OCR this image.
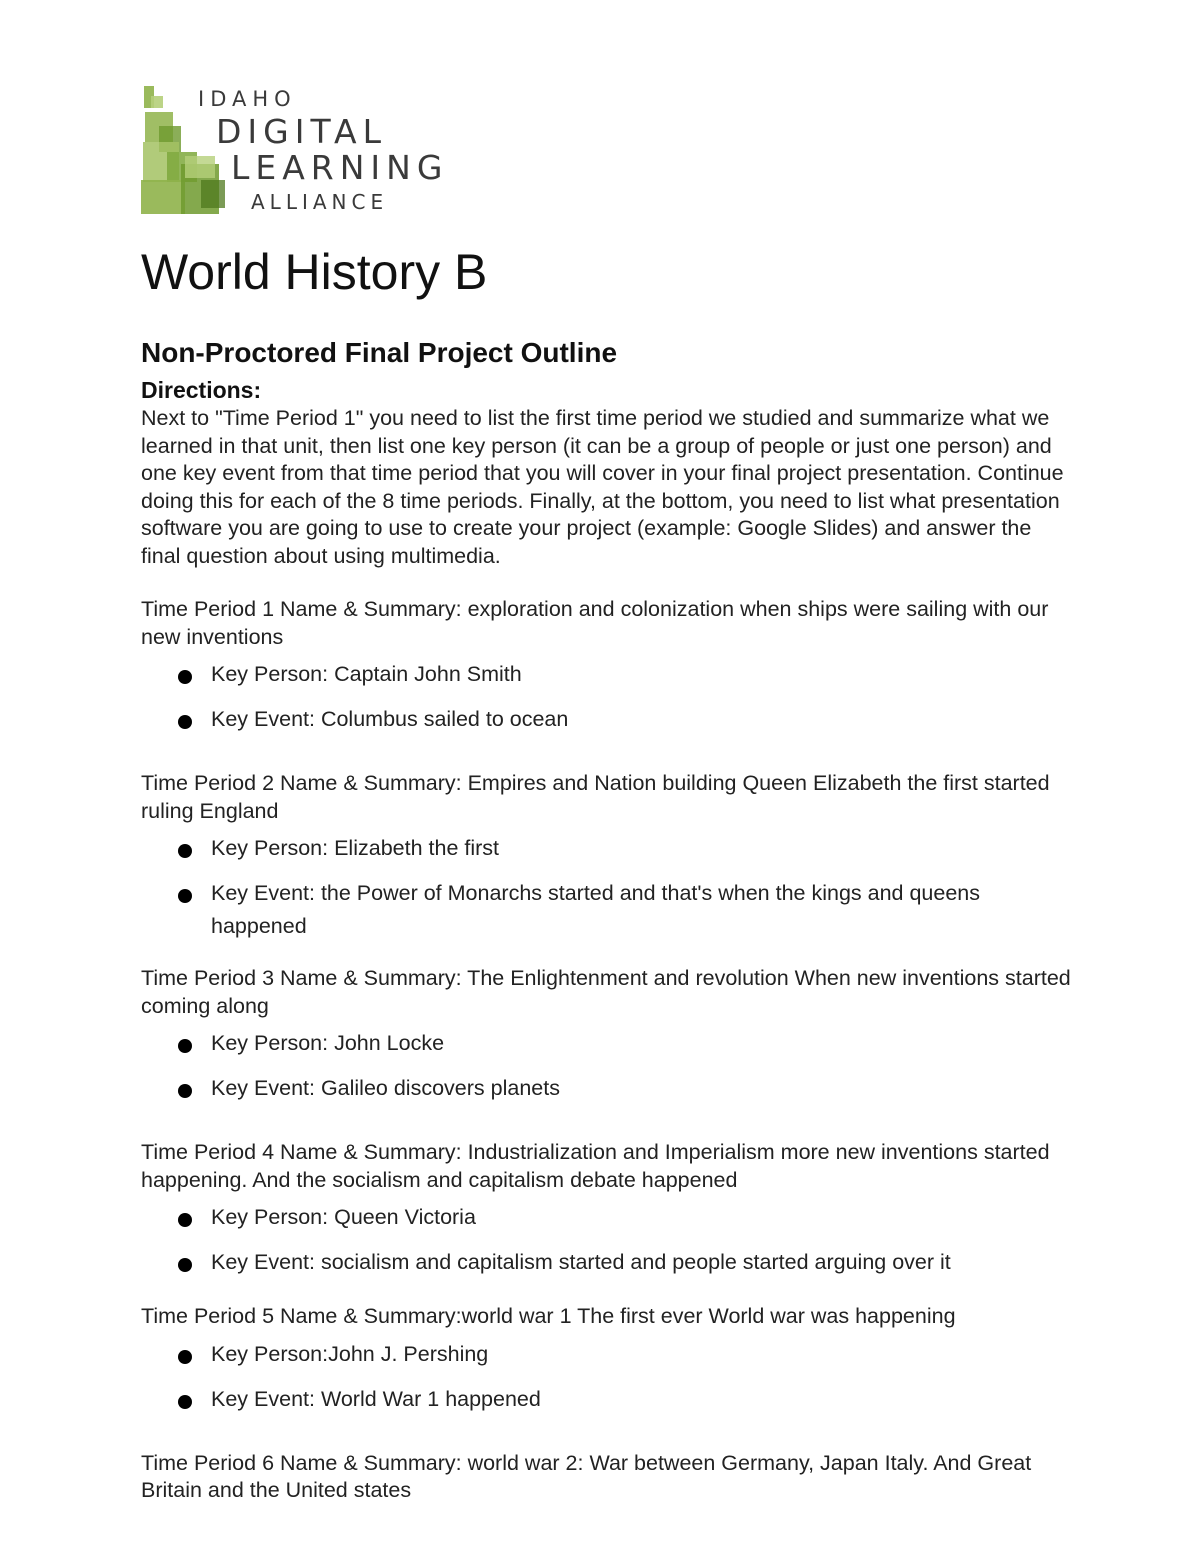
IDAHO
DIGITAL
LEARNING
ALLIANCE
World History B
Non-Proctored Final Project Outline
Directions:

Next to "Time Period 1" you need to list the first time period we studied and summarize what we learned in that unit, then list one key person (it can be a group of people or just one person) and one key event from that time period that you will cover in your final project presentation. Continue doing this for each of the 8 time periods. Finally, at the bottom, you need to list what presentation software you are going to use to create your project (example: Google Slides) and answer the final question about using multimedia.

Time Period 1 Name & Summary: exploration and colonization when ships were sailing with our new inventions

Key Person: Captain John Smith
Key Event: Columbus sailed to ocean

Time Period 2 Name & Summary: Empires and Nation building Queen Elizabeth the first started ruling England

Key Person: Elizabeth the first
Key Event: the Power of Monarchs started and that's when the kings and queens happened

Time Period 3 Name & Summary: The Enlightenment and revolution When new inventions started coming along

Key Person: John Locke
Key Event: Galileo discovers planets

Time Period 4 Name & Summary: Industrialization and Imperialism more new inventions started happening. And the socialism and capitalism debate happened

Key Person: Queen Victoria
Key Event: socialism and capitalism started and people started arguing over it

Time Period 5 Name & Summary:world war 1 The first ever World war was happening

Key Person:John J. Pershing
Key Event: World War 1 happened

Time Period 6 Name & Summary: world war 2: War between Germany, Japan Italy. And Great Britain and the United states
